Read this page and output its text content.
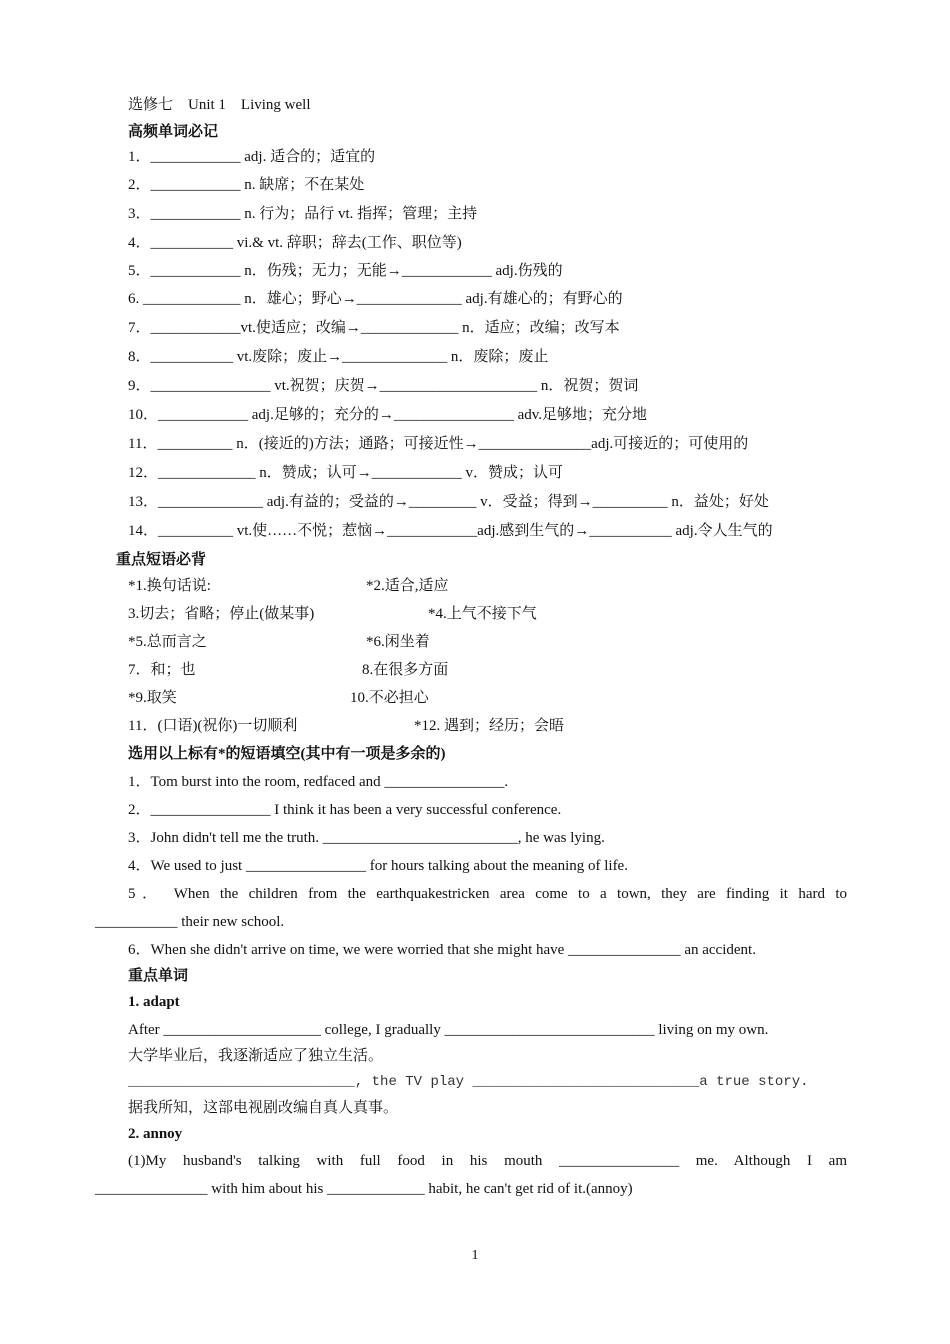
选修七　Unit 1　Living well
高频单词必记
1．____________ adj. 适合的；适宜的
2．____________ n. 缺席；不在某处
3．____________ n. 行为；品行 vt. 指挥；管理；主持
4．___________ vi.& vt. 辞职；辞去(工作、职位等)
5．____________ n．伤残；无力；无能→____________ adj.伤残的
6. _____________ n．雄心；野心→______________ adj.有雄心的；有野心的
7．____________vt.使适应；改编→_____________ n．适应；改编；改写本
8．___________ vt.废除；废止→______________ n．废除；废止
9．________________ vt.祝贺；庆贺→_____________________ n．祝贺；贺词
10．____________ adj.足够的；充分的→________________ adv.足够地；充分地
11．__________ n．(接近的)方法；通路；可接近性→_______________adj.可接近的；可使用的
12．_____________ n．赞成；认可→____________ v．赞成；认可
13．______________ adj.有益的；受益的→_________ v．受益；得到→__________ n．益处；好处
14．__________ vt.使……不悦；惹恼→____________adj.感到生气的→___________ adj.令人生气的
重点短语必背
*1.换句话说:	*2.适合,适应
3.切去；省略；停止(做某事)	*4.上气不接下气
*5.总而言之	*6.闲坐着
7．和；也	8.在很多方面
*9.取笑	10.不必担心
11．(口语)(祝你)一切顺利	*12. 遇到；经历；会晤
选用以上标有*的短语填空(其中有一项是多余的)
1．Tom burst into the room, redfaced and ________________.
2．________________ I think it has been a very successful conference.
3．John didn't tell me the truth. __________________________, he was lying.
4．We used to just ________________ for hours talking about the meaning of life.
5． When the children from the earthquakestricken area come to a town, they are finding it hard to
___________ their new school.
6．When she didn't arrive on time, we were worried that she might have _______________ an accident.
重点单词
1. adapt
After _____________________ college, I gradually ____________________________ living on my own.
大学毕业后，我逐渐适应了独立生活。
___________________________, the TV play ___________________________a true story.
据我所知，这部电视剧改编自真人真事。
2. annoy
(1)My husband's talking with full food in his mouth ________________ me. Although I am
_______________ with him about his _____________ habit, he can't get rid of it.(annoy)
1
